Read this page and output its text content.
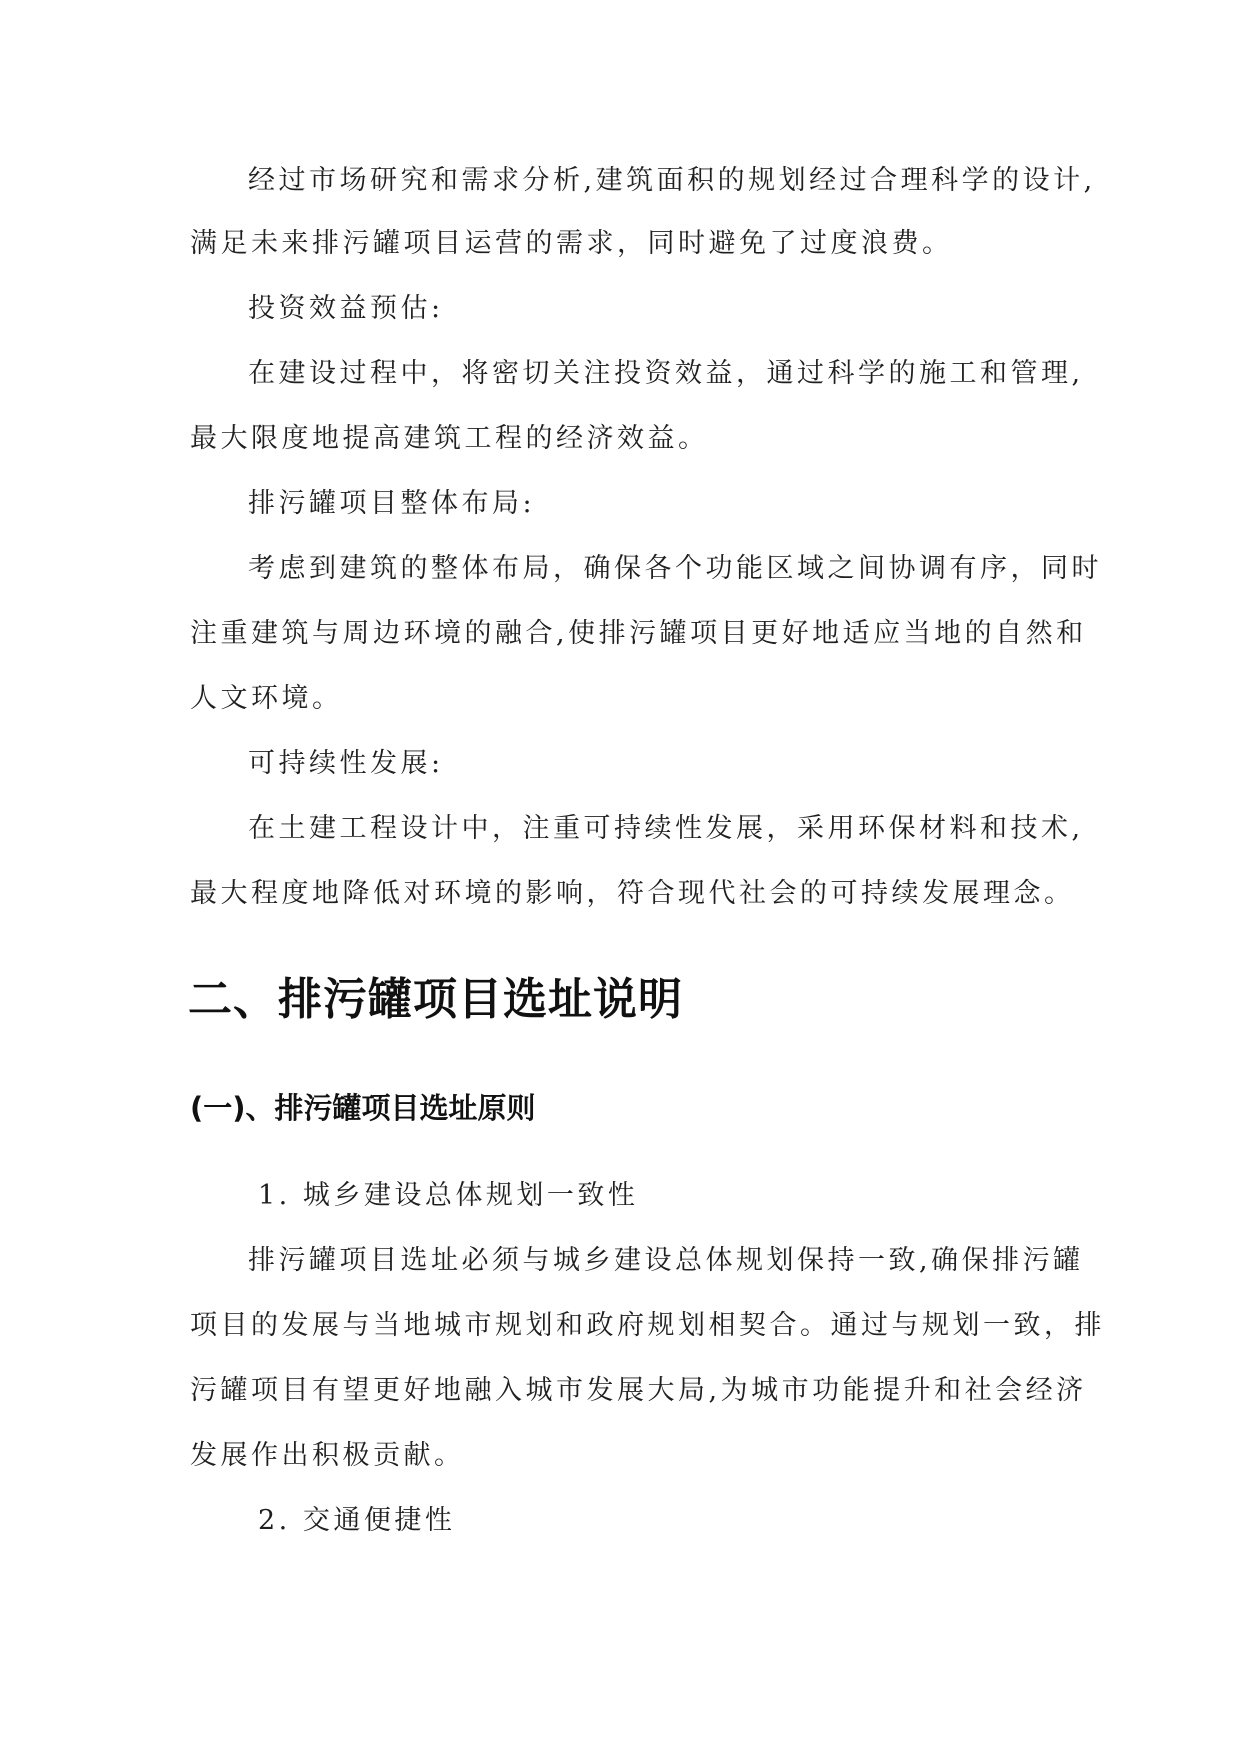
经过市场研究和需求分析,建筑面积的规划经过合理科学的设计,
满足未来排污罐项目运营的需求，同时避免了过度浪费。
投资效益预估:
在建设过程中，将密切关注投资效益，通过科学的施工和管理,
最大限度地提高建筑工程的经济效益。
排污罐项目整体布局:
考虑到建筑的整体布局，确保各个功能区域之间协调有序，同时
注重建筑与周边环境的融合,使排污罐项目更好地适应当地的自然和
人文环境。
可持续性发展:
在土建工程设计中，注重可持续性发展，采用环保材料和技术,
最大程度地降低对环境的影响，符合现代社会的可持续发展理念。
二、排污罐项目选址说明
(一)、排污罐项目选址原则
1. 城乡建设总体规划一致性
排污罐项目选址必须与城乡建设总体规划保持一致,确保排污罐
项目的发展与当地城市规划和政府规划相契合。通过与规划一致，排
污罐项目有望更好地融入城市发展大局,为城市功能提升和社会经济
发展作出积极贡献。
2. 交通便捷性
